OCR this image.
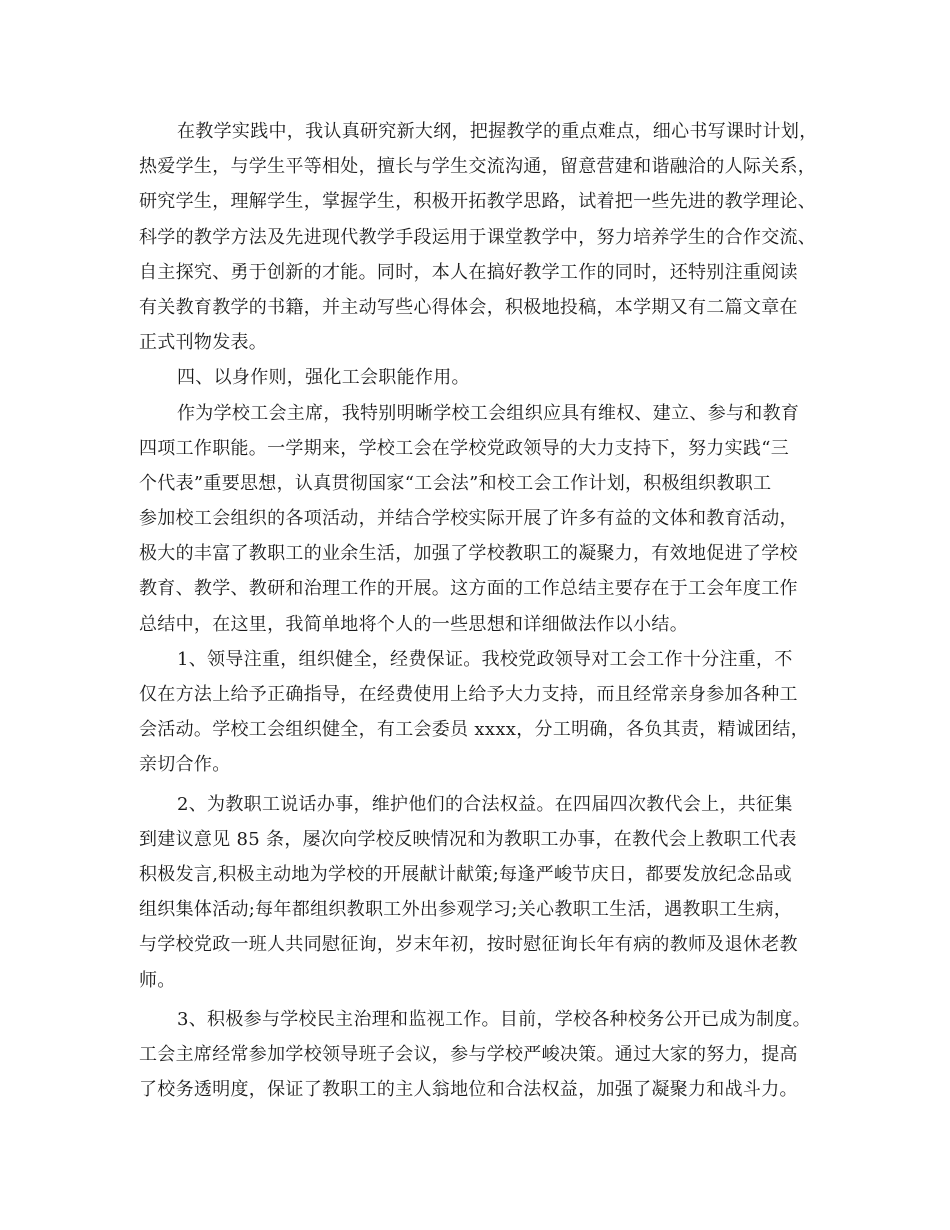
在教学实践中，我认真研究新大纲，把握教学的重点难点，细心书写课时计划，
热爱学生，与学生平等相处，擅长与学生交流沟通，留意营建和谐融洽的人际关系，
研究学生，理解学生，掌握学生，积极开拓教学思路，试着把一些先进的教学理论、
科学的教学方法及先进现代教学手段运用于课堂教学中，努力培养学生的合作交流、
自主探究、勇于创新的才能。同时，本人在搞好教学工作的同时，还特别注重阅读
有关教育教学的书籍，并主动写些心得体会，积极地投稿，本学期又有二篇文章在
正式刊物发表。
四、以身作则，强化工会职能作用。
作为学校工会主席，我特别明晰学校工会组织应具有维权、建立、参与和教育
四项工作职能。一学期来，学校工会在学校党政领导的大力支持下，努力实践“三
个代表”重要思想，认真贯彻国家“工会法”和校工会工作计划，积极组织教职工
参加校工会组织的各项活动，并结合学校实际开展了许多有益的文体和教育活动，
极大的丰富了教职工的业余生活，加强了学校教职工的凝聚力，有效地促进了学校
教育、教学、教研和治理工作的开展。这方面的工作总结主要存在于工会年度工作
总结中，在这里，我简单地将个人的一些思想和详细做法作以小结。
1、领导注重，组织健全，经费保证。我校党政领导对工会工作十分注重，不
仅在方法上给予正确指导，在经费使用上给予大力支持，而且经常亲身参加各种工
会活动。学校工会组织健全，有工会委员 xxxx，分工明确，各负其责，精诚团结，
亲切合作。
2、为教职工说话办事，维护他们的合法权益。在四届四次教代会上，共征集
到建议意见 85 条，屡次向学校反映情况和为教职工办事，在教代会上教职工代表
积极发言,积极主动地为学校的开展献计献策;每逢严峻节庆日，都要发放纪念品或
组织集体活动;每年都组织教职工外出参观学习;关心教职工生活，遇教职工生病，
与学校党政一班人共同慰征询，岁末年初，按时慰征询长年有病的教师及退休老教
师。
3、积极参与学校民主治理和监视工作。目前，学校各种校务公开已成为制度。
工会主席经常参加学校领导班子会议，参与学校严峻决策。通过大家的努力，提高
了校务透明度，保证了教职工的主人翁地位和合法权益，加强了凝聚力和战斗力。
